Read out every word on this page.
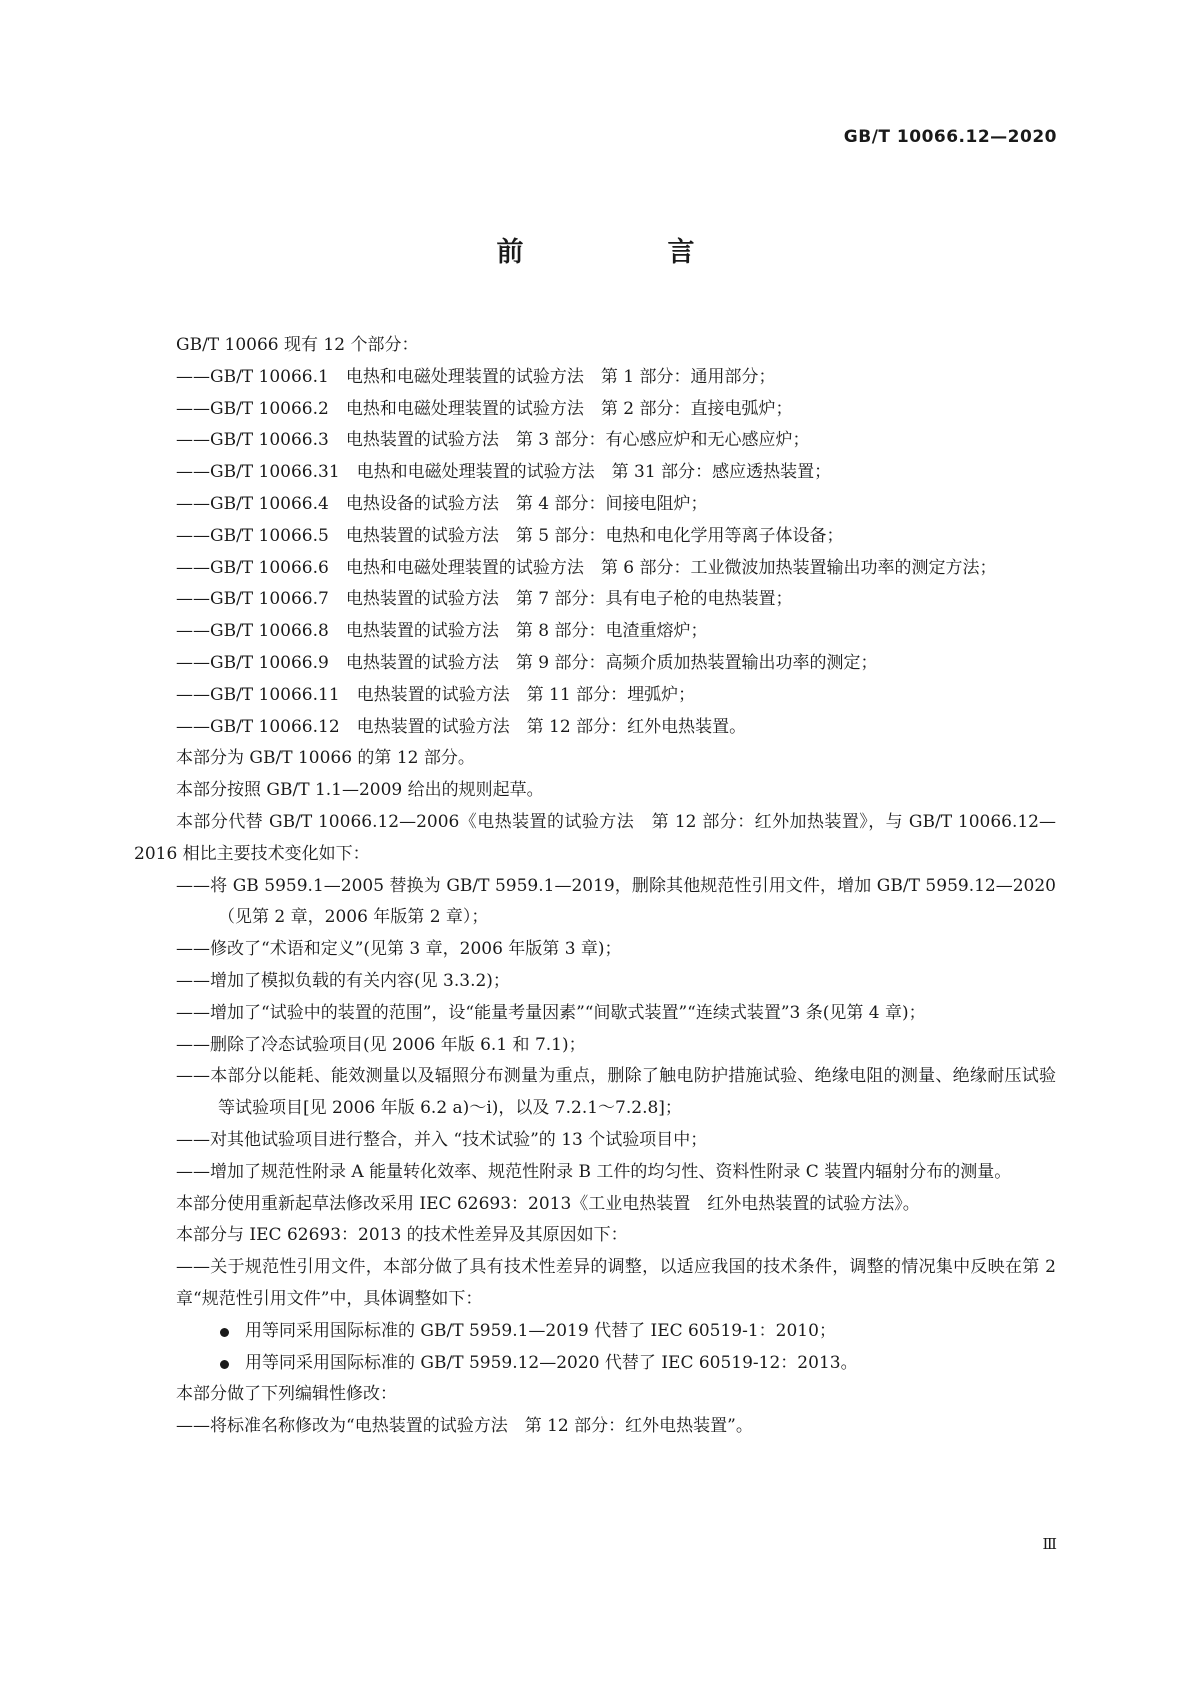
GB/T 10066.12—2020
前　　言

GB/T 10066 现有 12 个部分：

—— GB/T 10066.1　电热和电磁处理装置的试验方法　第 1 部分：通用部分；

—— GB/T 10066.2　电热和电磁处理装置的试验方法　第 2 部分：直接电弧炉；

—— GB/T 10066.3　电热装置的试验方法　第 3 部分：有心感应炉和无心感应炉；

—— GB/T 10066.31　电热和电磁处理装置的试验方法　第 31 部分：感应透热装置；

—— GB/T 10066.4　电热设备的试验方法　第 4 部分：间接电阻炉；

—— GB/T 10066.5　电热装置的试验方法　第 5 部分：电热和电化学用等离子体设备；

—— GB/T 10066.6　电热和电磁处理装置的试验方法　第 6 部分：工业微波加热装置输出功率的测定方法；

—— GB/T 10066.7　电热装置的试验方法　第 7 部分：具有电子枪的电热装置；

—— GB/T 10066.8　电热装置的试验方法　第 8 部分：电渣重熔炉；

—— GB/T 10066.9　电热装置的试验方法　第 9 部分：高频介质加热装置输出功率的测定；

—— GB/T 10066.11　电热装置的试验方法　第 11 部分：埋弧炉；

—— GB/T 10066.12　电热装置的试验方法　第 12 部分：红外电热装置。

本部分为 GB/T 10066 的第 12 部分。

本部分按照 GB/T 1.1—2009 给出的规则起草。

本部分代替 GB/T 10066.12—2006《电热装置的试验方法　第 12 部分：红外加热装置》，与 GB/T 10066.12—2016 相比主要技术变化如下：

—— 将 GB 5959.1—2005 替换为 GB/T 5959.1—2019，删除其他规范性引用文件，增加 GB/T 5959.12—2020（见第 2 章，2006 年版第 2 章）；

—— 修改了“术语和定义”(见第 3 章，2006 年版第 3 章)；

—— 增加了模拟负载的有关内容(见 3.3.2)；

—— 增加了“试验中的装置的范围”，设“能量考量因素”“间歇式装置”“连续式装置”3 条(见第 4 章)；

—— 删除了冷态试验项目(见 2006 年版 6.1 和 7.1)；

—— 本部分以能耗、能效测量以及辐照分布测量为重点，删除了触电防护措施试验、绝缘电阻的测量、绝缘耐压试验等试验项目[见 2006 年版 6.2 a)～i)，以及 7.2.1～7.2.8]；

—— 对其他试验项目进行整合，并入 “技术试验”的 13 个试验项目中；

—— 增加了规范性附录 A 能量转化效率、规范性附录 B 工件的均匀性、资料性附录 C 装置内辐射分布的测量。

本部分使用重新起草法修改采用 IEC 62693：2013《工业电热装置　红外电热装置的试验方法》。

本部分与 IEC 62693：2013 的技术性差异及其原因如下：

—— 关于规范性引用文件，本部分做了具有技术性差异的调整，以适应我国的技术条件，调整的情况集中反映在第 2 章“规范性引用文件”中，具体调整如下：

用等同采用国际标准的 GB/T 5959.1—2019 代替了 IEC 60519-1：2010；

用等同采用国际标准的 GB/T 5959.12—2020 代替了 IEC 60519-12：2013。

本部分做了下列编辑性修改：

—— 将标准名称修改为“电热装置的试验方法　第 12 部分：红外电热装置”。

Ⅲ
